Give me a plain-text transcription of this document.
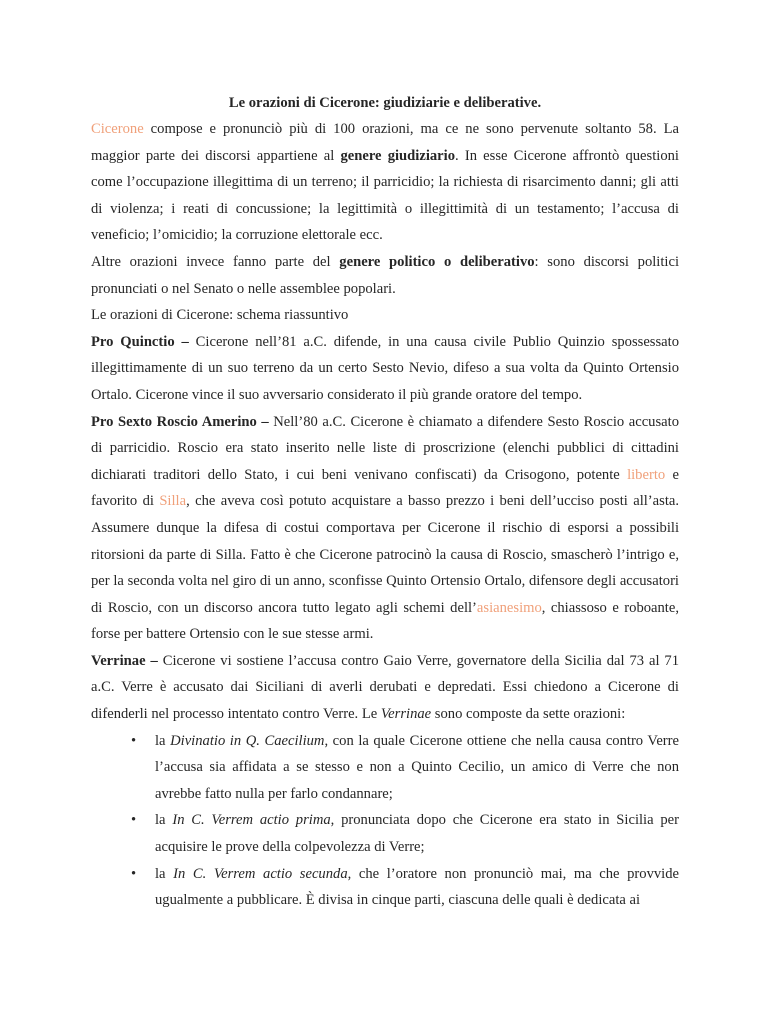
Le orazioni di Cicerone: giudiziarie e deliberative.

Cicerone compose e pronunciò più di 100 orazioni, ma ce ne sono pervenute soltanto 58. La maggior parte dei discorsi appartiene al genere giudiziario. In esse Cicerone affrontò questioni come l’occupazione illegittima di un terreno; il parricidio; la richiesta di risarcimento danni; gli atti di violenza; i reati di concussione; la legittimità o illegittimità di un testamento; l’accusa di veneficio; l’omicidio; la corruzione elettorale ecc.

Altre orazioni invece fanno parte del genere politico o deliberativo: sono discorsi politici pronunciati o nel Senato o nelle assemblee popolari.

Le orazioni di Cicerone: schema riassuntivo

Pro Quinctio – Cicerone nell’81 a.C. difende, in una causa civile Publio Quinzio spossessato illegittimamente di un suo terreno da un certo Sesto Nevio, difeso a sua volta da Quinto Ortensio Ortalo. Cicerone vince il suo avversario considerato il più grande oratore del tempo.

Pro Sexto Roscio Amerino – Nell’80 a.C. Cicerone è chiamato a difendere Sesto Roscio accusato di parricidio. Roscio era stato inserito nelle liste di proscrizione (elenchi pubblici di cittadini dichiarati traditori dello Stato, i cui beni venivano confiscati) da Crisogono, potente liberto e favorito di Silla, che aveva così potuto acquistare a basso prezzo i beni dell’ucciso posti all’asta. Assumere dunque la difesa di costui comportava per Cicerone il rischio di esporsi a possibili ritorsioni da parte di Silla. Fatto è che Cicerone patrocinò la causa di Roscio, smascherò l’intrigo e, per la seconda volta nel giro di un anno, sconfisse Quinto Ortensio Ortalo, difensore degli accusatori di Roscio, con un discorso ancora tutto legato agli schemi dell’asianesimo, chiassoso e roboante, forse per battere Ortensio con le sue stesse armi.

Verrinae – Cicerone vi sostiene l’accusa contro Gaio Verre, governatore della Sicilia dal 73 al 71 a.C. Verre è accusato dai Siciliani di averli derubati e depredati. Essi chiedono a Cicerone di difenderli nel processo intentato contro Verre. Le Verrinae sono composte da sette orazioni:

• la Divinatio in Q. Caecilium, con la quale Cicerone ottiene che nella causa contro Verre l’accusa sia affidata a se stesso e non a Quinto Cecilio, un amico di Verre che non avrebbe fatto nulla per farlo condannare;
• la In C. Verrem actio prima, pronunciata dopo che Cicerone era stato in Sicilia per acquisire le prove della colpevolezza di Verre;
• la In C. Verrem actio secunda, che l’oratore non pronunciò mai, ma che provvide ugualmente a pubblicare. È divisa in cinque parti, ciascuna delle quali è dedicata ai
